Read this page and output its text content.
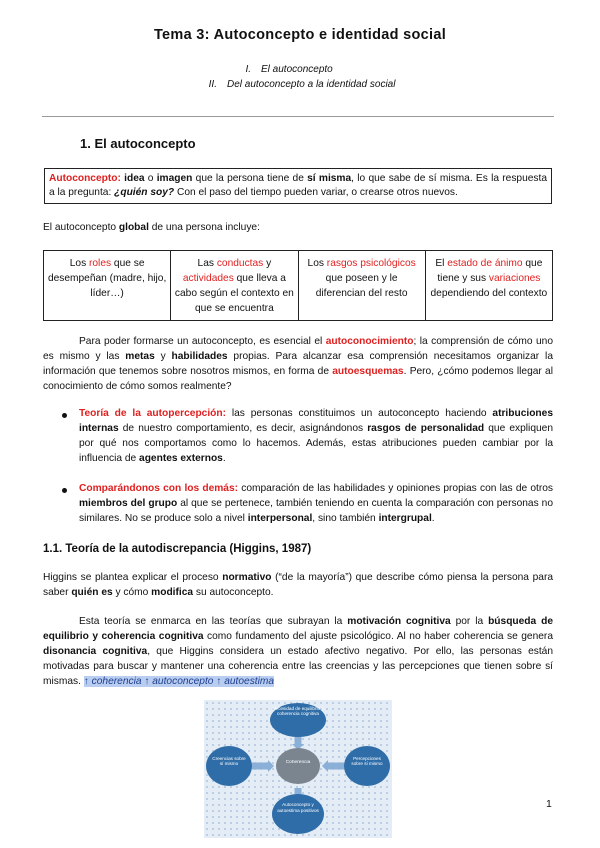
Tema 3: Autoconcepto e identidad social
I. El autoconcepto
II. Del autoconcepto a la identidad social
1. El autoconcepto
Autoconcepto: idea o imagen que la persona tiene de sí misma, lo que sabe de sí misma. Es la respuesta a la pregunta: ¿quién soy? Con el paso del tiempo pueden variar, o crearse otros nuevos.
El autoconcepto global de una persona incluye:
Los roles que se desempeñan (madre, hijo, líder…)	Las conductas y actividades que lleva a cabo según el contexto en que se encuentra	Los rasgos psicológicos que poseen y le diferencian del resto	El estado de ánimo que tiene y sus variaciones dependiendo del contexto
Para poder formarse un autoconcepto, es esencial el autoconocimiento; la comprensión de cómo uno es mismo y las metas y habilidades propias. Para alcanzar esa comprensión necesitamos organizar la información que tenemos sobre nosotros mismos, en forma de autoesquemas. Pero, ¿cómo podemos llegar al conocimiento de cómo somos realmente?
Teoría de la autopercepción: las personas constituimos un autoconcepto haciendo atribuciones internas de nuestro comportamiento, es decir, asignándonos rasgos de personalidad que expliquen por qué nos comportamos como lo hacemos. Además, estas atribuciones pueden cambiar por la influencia de agentes externos.
Comparándonos con los demás: comparación de las habilidades y opiniones propias con las de otros miembros del grupo al que se pertenece, también teniendo en cuenta la comparación con personas no similares. No se produce solo a nivel interpersonal, sino también intergrupal.
1.1. Teoría de la autodiscrepancia (Higgins, 1987)
Higgins se plantea explicar el proceso normativo (“de la mayoría”) que describe cómo piensa la persona para saber quién es y cómo modifica su autoconcepto.
Esta teoría se enmarca en las teorías que subrayan la motivación cognitiva por la búsqueda de equilibrio y coherencia cognitiva como fundamento del ajuste psicológico. Al no haber coherencia se genera disonancia cognitiva, que Higgins considera un estado afectivo negativo. Por ello, las personas están motivadas para buscar y mantener una coherencia entre las creencias y las percepciones que tienen sobre sí mismas. ↑ coherencia ↑ autoconcepto ↑ autoestima
Necesidad de equilibrio y coherencia cognitiva
Coherencia
Creencias sobre sí mismo
Percepciones sobre sí mismo
Autoconcepto y autoestima positivos
1
